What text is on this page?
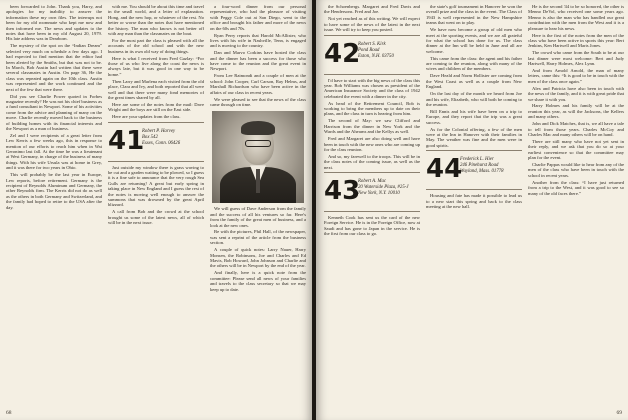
been forwarded to John. Thank you, Harry, and apologies for my inability to answer the information these my own files. The interrups not been for my old roommate who kept me now and then informed me. The news and updates to the notes that have been in my old August 20, 1979. His late address was in Dearborn.

The mystery of the spot on the “Indian Dream” selected very much on schedule a few days ago. I had expected to find mention that the editor had been alerted by the Smiths, but that was not to be. In March, Bob Austin had written that there were several classmates in Austin. On page 36, He the class was repeated again on the 10th class. Austin was represented and the work continued and the next of the few that were there.

Did you see Charlie Power quoted in Forbes magazine recently? He was not his chief business as a fund consultant in Newport. Some of his activities come from the advice and planning of many on the move. Charlie recently moved back to the business of building homes with its financial interests and the Newport as a man of business.

Zel and I were recipients of a great letter from Lew Kerris a few weeks ago, this in response to mention of our efforts to reach him when in Wai Geronimo last fall. At the time he was a lieutenant at West Germany, in charge of the business of many things. With his wife Ursula was at home in Grey, and it was there for two years in Ohio.

This will probably be the last year in Europe, Lew reports, before retirement. Germany is the recipient of Reynolds Aluminum and Germany, the other Reynolds firm. The Kerris did not do as well as the others in both Germany and Switzerland, and the family had hoped to retire to the USA after the day.

with me. You should be about this time and travel in the small world, and a letter of explanation. Hong, and the new hop, or whatever of the rest. No better or worse than the notes that have mentioned the history. The man who knows is not better off with any man than the classmates on the boat.

For the most part the class is pleased with all the accounts of the old school and with the new business in its own old way of doing things.

Here is what I received from Fred Gazlay: “For those of us who live along the coast the news is always late, but it was good in one way to be home.”

Then Larry and Marlena each visited from the old place, Clara and Ivy, and both reported that all were well and that there were many fond memories of the great times shared by all.

Here are some of the notes from the mail: Dave Wright and the boys are still on the East side.

Here are your updates from the class.

41
Robert P. Harvey
Box 542
Essex, Conn. 06426

Just outside my window there is grass waving to be cut and a garden waiting to be plowed, so I guess it is a fine safe to announce that the very rough Sea Gulls are returning! A great but early spring in taking place in New England and I guess the rest of the notes is moving well enough to answer the summons that was drowned by the great April blizzard.

A call from Bob and the crowd at the school brought us some of the latest news, all of which will be in the next issue.

a four-word dinner from our personal representative, who had the pleasure of visiting with Peggy Cole out at San Diego, went to the office and brought his father and more of the news on the 60s and 70s.

Ryan Perry reports that Harold McAllister, who lives with his wife in Nashville, Tenn, is engaged and is moving to the country.

Dan and Marvo Corkins have hosted the class and the dinner has been a success for those who have come to the reunion and the great event in Newport.

From Lee Raimondi and a couple of men at the school: John Cooper, Carl Carson, Ray Helms, and Marshall Richardson who have been active in the affairs of our class in recent years.

We were pleased to see that the news of the class came through on time.

We will guess of Dave Anderson from the family and the success of all his ventures so far. Here's from the family of the great men of business, and a look at the new ones.

Be with the pictures, Phil Hall, of the newspaper, was sent a reprint of the article from the business section.

A couple of quick notes: Larry Nauer, Harry Monsen, the Robinsons, Joe and Charles and Ed Mavis, Bob Howard, John Johnson and Charlie and the others will be in Newport by the end of the year.

And finally, here is a quick note from the committee: Please send all news of your families and travels to the class secretary so that we may keep up to date.

68

the Schoenbergs. Margaret and Fred Davis and the Hendersons. Fred and Joe.

Not yet reached as of this writing. We will expect to have some of the news of the latest in the next issue. We will try to keep you posted.

42
Robert S. Kirk
Pond Road
Exton, N.H. 03750

I'd have to start with the big news of the class this year. Bob Williams was chosen as president of the American Insurance Society and the class of 1942 celebrated the event with a dinner in the city.

As head of the Retirement Council, Bob is working to bring the members up to date on their plans, and the class in turn is hearing from him.

The second of May: we saw Clifford and Harrison from the dinner in New York and the Wards and the Ahearns and the Kellys as well.

Fred and Margaret are also doing well and have been in touch with the new ones who are coming up for the class reunion.

And so, my farewell to the troops. This will be in the class notes of the coming issue, as well as the next.

43
Robert A. Mac
20 Waterside Plaza, #25-J
New York, N.Y. 10010

Kenneth Cook has sent us the card of the new Foreign Service. He is in the Foreign Office, now at Saudi and has gone to Japan in the service. He is the first from our class to go.

the state's golf tournament in Hanover he won the overall prize and the class in the event. The Class of 1943 is well represented in the New Hampshire teams that went on to play.

We have now become a group of old men who meet at the sporting events, and we are all grateful for what the school has done for us. The class dinner at the Inn will be held in June and all are welcome.

This came from the class: the agent and his father are coming to the reunion, along with many of the wives and children of the members.

Dave Heald and Norm Hollister are coming from the West Coast as well as a couple from New England.

On the last day of the month we heard from Joe and his wife, Elizabeth, who will both be coming to the reunion.

Bill Ennis and his wife have been on a trip to Europe, and they report that the trip was a great success.

As for the Colonial offering, a few of the men were at the Inn in Hanover with their families in May. The weather was fine and the men were in good spirits.

44
Frederick L. Hier
246 Pinehurst Road
Wayland, Mass. 01778

Housing and fate has made it possible to lead us to a new start this spring and back to the class meeting at the new hall.

He is the second '44 to be so honored, the other is Menno DeVol, who received one some years ago. Menno is also the man who has handled our great contribution with the men from the West and it is a pleasure to hear his news.

Here is the first of the notes from the men of the class who have been active in sports this year: Bert Jenkins, Ken Hartwell and Maris Jones.

The crowd who came from the South to be at our last dinner were most welcome: Bert and Judy Hartwell, Harry Holmes, Alex Lynn.

And from Arnold Arnold, the man of many letters, came this: “It is good to be in touch with the men of the class once again.”

Alex and Patricia have also been in touch with the news of the family, and it is with great pride that we share it with you.

Harry Holmes and his family will be at the reunion this year, as will the Jacksons, the Kellers and many others.

John and Dick Matches, that is, we all have a tale to tell from those years. Charles McCoy and Charles Mac and many others will be on hand.

There are still many who have not yet sent in their reply, and we ask that you do so at your earliest convenience so that the committee may plan for the event.

Charlie Pappas would like to hear from any of the men of the class who have been in touch with the school in recent years.

Another from the class: “I have just returned from a trip to the West, and it was good to see so many of the old faces there.”

69
